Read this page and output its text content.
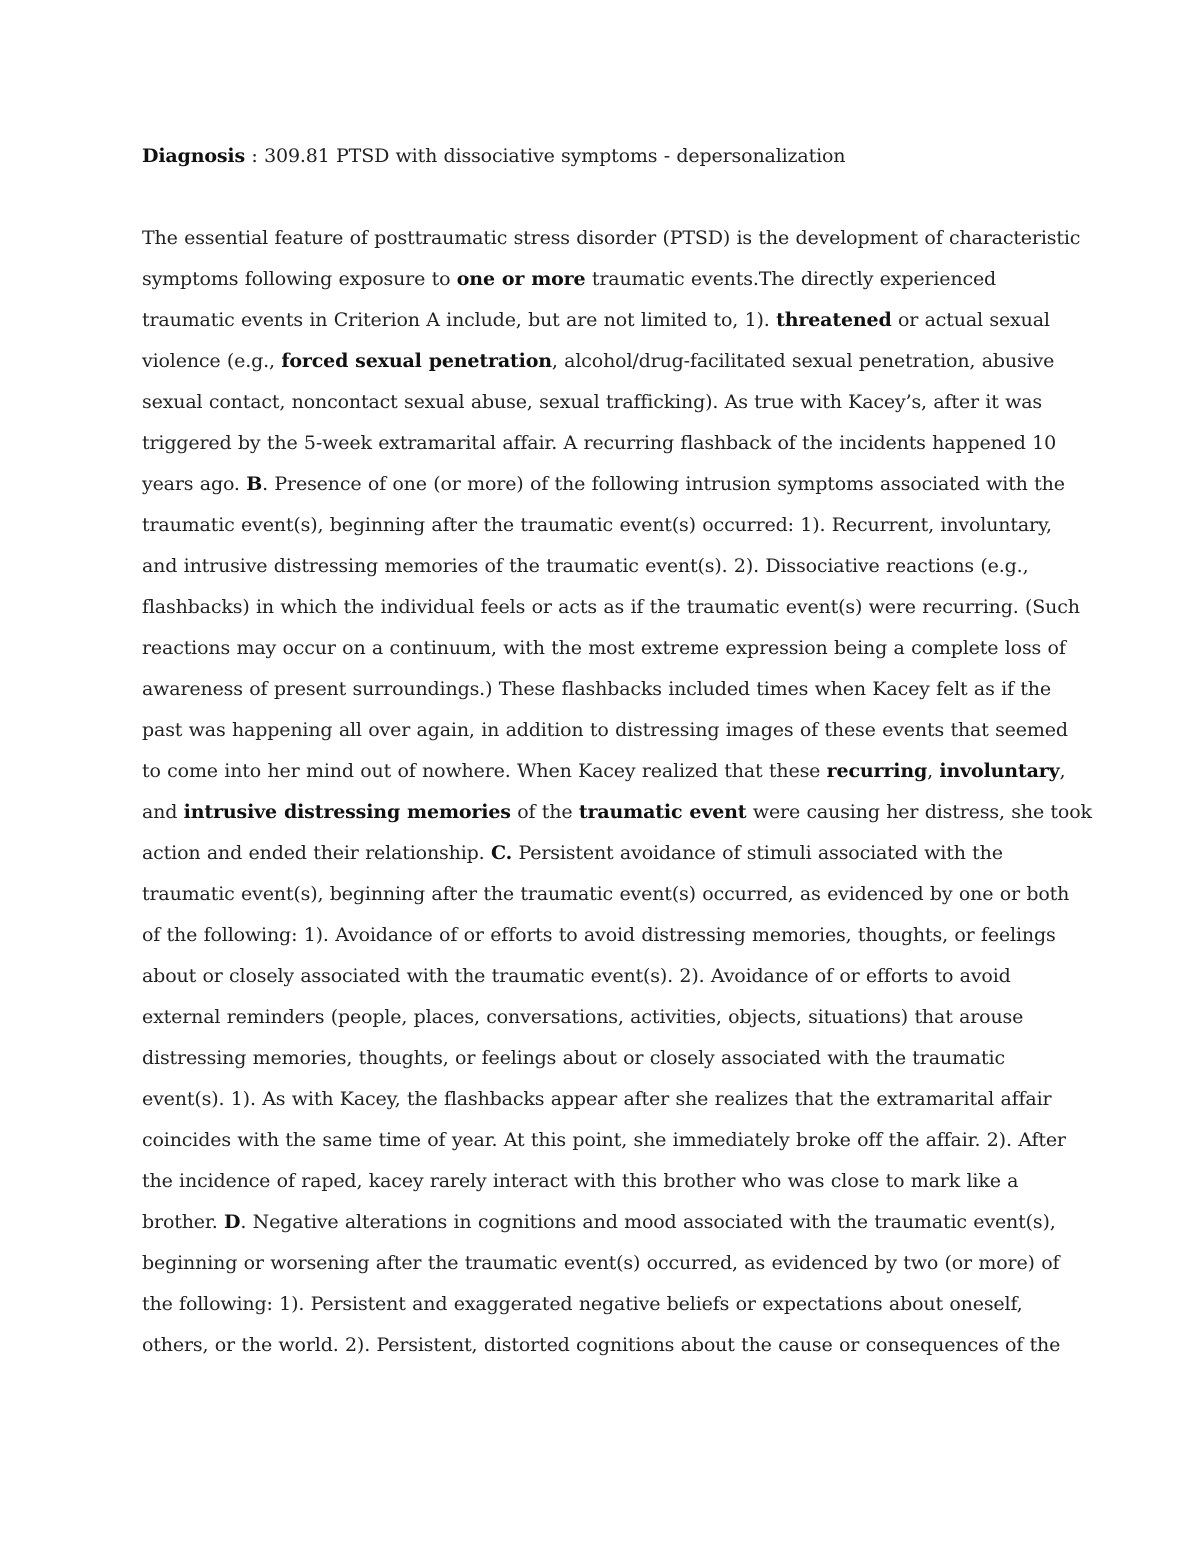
Diagnosis : 309.81 PTSD with dissociative symptoms - depersonalization

The essential feature of posttraumatic stress disorder (PTSD) is the development of characteristic

symptoms following exposure to one or more traumatic events.The directly experienced

traumatic events in Criterion A include, but are not limited to, 1). threatened or actual sexual

violence (e.g., forced sexual penetration, alcohol/drug-facilitated sexual penetration, abusive

sexual contact, noncontact sexual abuse, sexual trafficking). As true with Kacey’s, after it was

triggered by the 5-week extramarital affair. A recurring flashback of the incidents happened 10

years ago. B. Presence of one (or more) of the following intrusion symptoms associated with the

traumatic event(s), beginning after the traumatic event(s) occurred: 1). Recurrent, involuntary,

and intrusive distressing memories of the traumatic event(s). 2). Dissociative reactions (e.g.,

flashbacks) in which the individual feels or acts as if the traumatic event(s) were recurring. (Such

reactions may occur on a continuum, with the most extreme expression being a complete loss of

awareness of present surroundings.) These flashbacks included times when Kacey felt as if the

past was happening all over again, in addition to distressing images of these events that seemed

to come into her mind out of nowhere. When Kacey realized that these recurring, involuntary,

and intrusive distressing memories of the traumatic event were causing her distress, she took

action and ended their relationship. C. Persistent avoidance of stimuli associated with the

traumatic event(s), beginning after the traumatic event(s) occurred, as evidenced by one or both

of the following: 1). Avoidance of or efforts to avoid distressing memories, thoughts, or feelings

about or closely associated with the traumatic event(s). 2). Avoidance of or efforts to avoid

external reminders (people, places, conversations, activities, objects, situations) that arouse

distressing memories, thoughts, or feelings about or closely associated with the traumatic

event(s). 1). As with Kacey, the flashbacks appear after she realizes that the extramarital affair

coincides with the same time of year. At this point, she immediately broke off the affair. 2). After

the incidence of raped, kacey rarely interact with this brother who was close to mark like a

brother. D. Negative alterations in cognitions and mood associated with the traumatic event(s),

beginning or worsening after the traumatic event(s) occurred, as evidenced by two (or more) of

the following: 1). Persistent and exaggerated negative beliefs or expectations about oneself,

others, or the world. 2). Persistent, distorted cognitions about the cause or consequences of the
